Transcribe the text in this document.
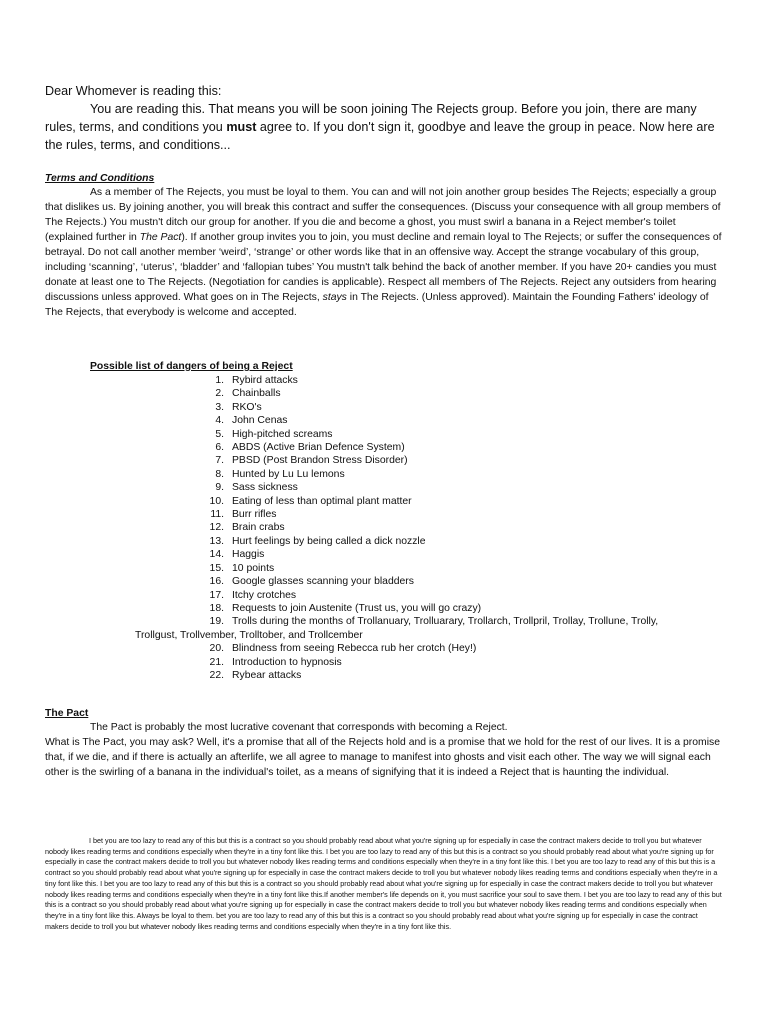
Dear Whomever is reading this:

You are reading this. That means you will be soon joining The Rejects group. Before you join, there are many rules, terms, and conditions you must agree to. If you don't sign it, goodbye and leave the group in peace. Now here are the rules, terms, and conditions...

Terms and Conditions

As a member of The Rejects, you must be loyal to them. You can and will not join another group besides The Rejects; especially a group that dislikes us. By joining another, you will break this contract and suffer the consequences. (Discuss your consequence with all group members of The Rejects.) You mustn't ditch our group for another. If you die and become a ghost, you must swirl a banana in a Reject member's toilet (explained further in The Pact). If another group invites you to join, you must decline and remain loyal to The Rejects; or suffer the consequences of betrayal. Do not call another member ‘weird’, ‘strange’ or other words like that in an offensive way. Accept the strange vocabulary of this group, including ‘scanning’, ‘uterus’, ‘bladder’ and ‘fallopian tubes’ You mustn't talk behind the back of another member. If you have 20+ candies you must donate at least one to The Rejects. (Negotiation for candies is applicable). Respect all members of The Rejects. Reject any outsiders from hearing discussions unless approved. What goes on in The Rejects, stays in The Rejects. (Unless approved). Maintain the Founding Fathers' ideology of The Rejects, that everybody is welcome and accepted.

Possible list of dangers of being a Reject

1. Rybird attacks
2. Chainballs
3. RKO's
4. John Cenas
5. High-pitched screams
6. ABDS (Active Brian Defence System)
7. PBSD (Post Brandon Stress Disorder)
8. Hunted by Lu Lu lemons
9. Sass sickness
10. Eating of less than optimal plant matter
11. Burr rifles
12. Brain crabs
13. Hurt feelings by being called a dick nozzle
14. Haggis
15. 10 points
16. Google glasses scanning your bladders
17. Itchy crotches
18. Requests to join Austenite (Trust us, you will go crazy)
19. Trolls during the months of Trollanuary, Trolluarary, Trollarch, Trollpril, Trollay, Trollune, Trolly,
Trollgust, Trollvember, Trolltober, and Trollcember
20. Blindness from seeing Rebecca rub her crotch (Hey!)
21. Introduction to hypnosis
22. Rybear attacks

The Pact

The Pact is probably the most lucrative covenant that corresponds with becoming a Reject.

What is The Pact, you may ask? Well, it's a promise that all of the Rejects hold and is a promise that we hold for the rest of our lives. It is a promise that, if we die, and if there is actually an afterlife, we all agree to manage to manifest into ghosts and visit each other. The way we will signal each other is the swirling of a banana in the individual's toilet, as a means of signifying that it is indeed a Reject that is haunting the individual.

I bet you are too lazy to read any of this but this is a contract so you should probably read about what you're signing up for especially in case the contract makers decide to troll you but whatever nobody likes reading terms and conditions especially when they're in a tiny font like this. I bet you are too lazy to read any of this but this is a contract so you should probably read about what you're signing up for especially in case the contract makers decide to troll you but whatever nobody likes reading terms and conditions especially when they're in a tiny font like this. I bet you are too lazy to read any of this but this is a contract so you should probably read about what you're signing up for especially in case the contract makers decide to troll you but whatever nobody likes reading terms and conditions especially when they're in a tiny font like this. I bet you are too lazy to read any of this but this is a contract so you should probably read about what you're signing up for especially in case the contract makers decide to troll you but whatever nobody likes reading terms and conditions especially when they're in a tiny font like this.If another member's life depends on it, you must sacrifice your soul to save them. I bet you are too lazy to read any of this but this is a contract so you should probably read about what you're signing up for especially in case the contract makers decide to troll you but whatever nobody likes reading terms and conditions especially when they're in a tiny font like this. Always be loyal to them. bet you are too lazy to read any of this but this is a contract so you should probably read about what you're signing up for especially in case the contract makers decide to troll you but whatever nobody likes reading terms and conditions especially when they're in a tiny font like this.
